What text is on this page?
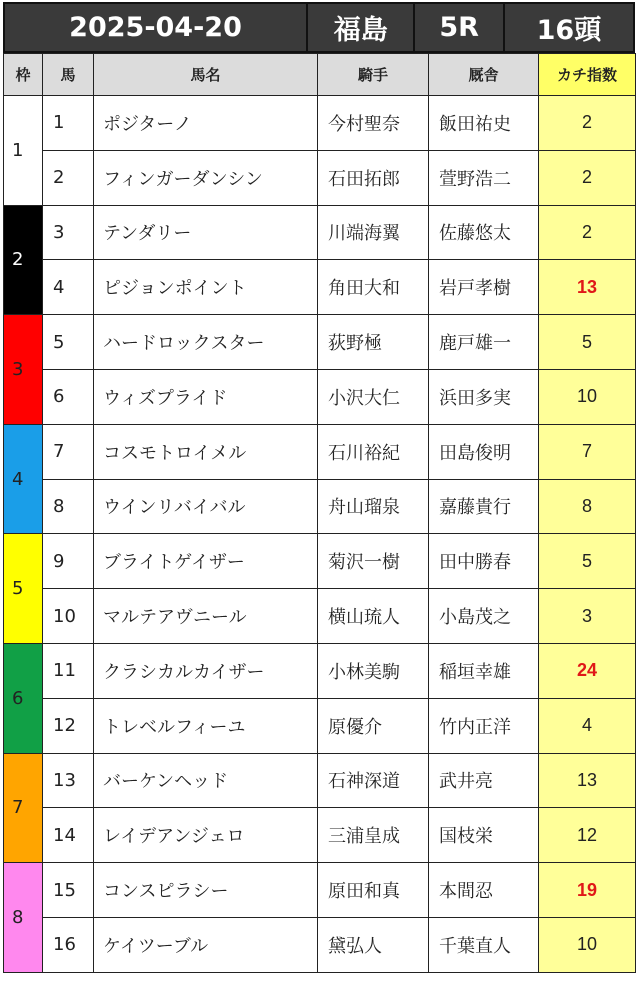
2025-04-20	福島	5R	16頭
枠	馬	馬名	騎手	厩舎	カチ指数
1	1	ポジターノ	今村聖奈	飯田祐史	2
	2	フィンガーダンシン	石田拓郎	萱野浩二	2
2	3	テンダリー	川端海翼	佐藤悠太	2
	4	ピジョンポイント	角田大和	岩戸孝樹	13
3	5	ハードロックスター	荻野極	鹿戸雄一	5
	6	ウィズプライド	小沢大仁	浜田多実	10
4	7	コスモトロイメル	石川裕紀	田島俊明	7
	8	ウインリバイバル	舟山瑠泉	嘉藤貴行	8
5	9	ブライトゲイザー	菊沢一樹	田中勝春	5
	10	マルテアヴニール	横山琉人	小島茂之	3
6	11	クラシカルカイザー	小林美駒	稲垣幸雄	24
	12	トレベルフィーユ	原優介	竹内正洋	4
7	13	バーケンヘッド	石神深道	武井亮	13
	14	レイデアンジェロ	三浦皇成	国枝栄	12
8	15	コンスピラシー	原田和真	本間忍	19
	16	ケイツーブル	黛弘人	千葉直人	10
